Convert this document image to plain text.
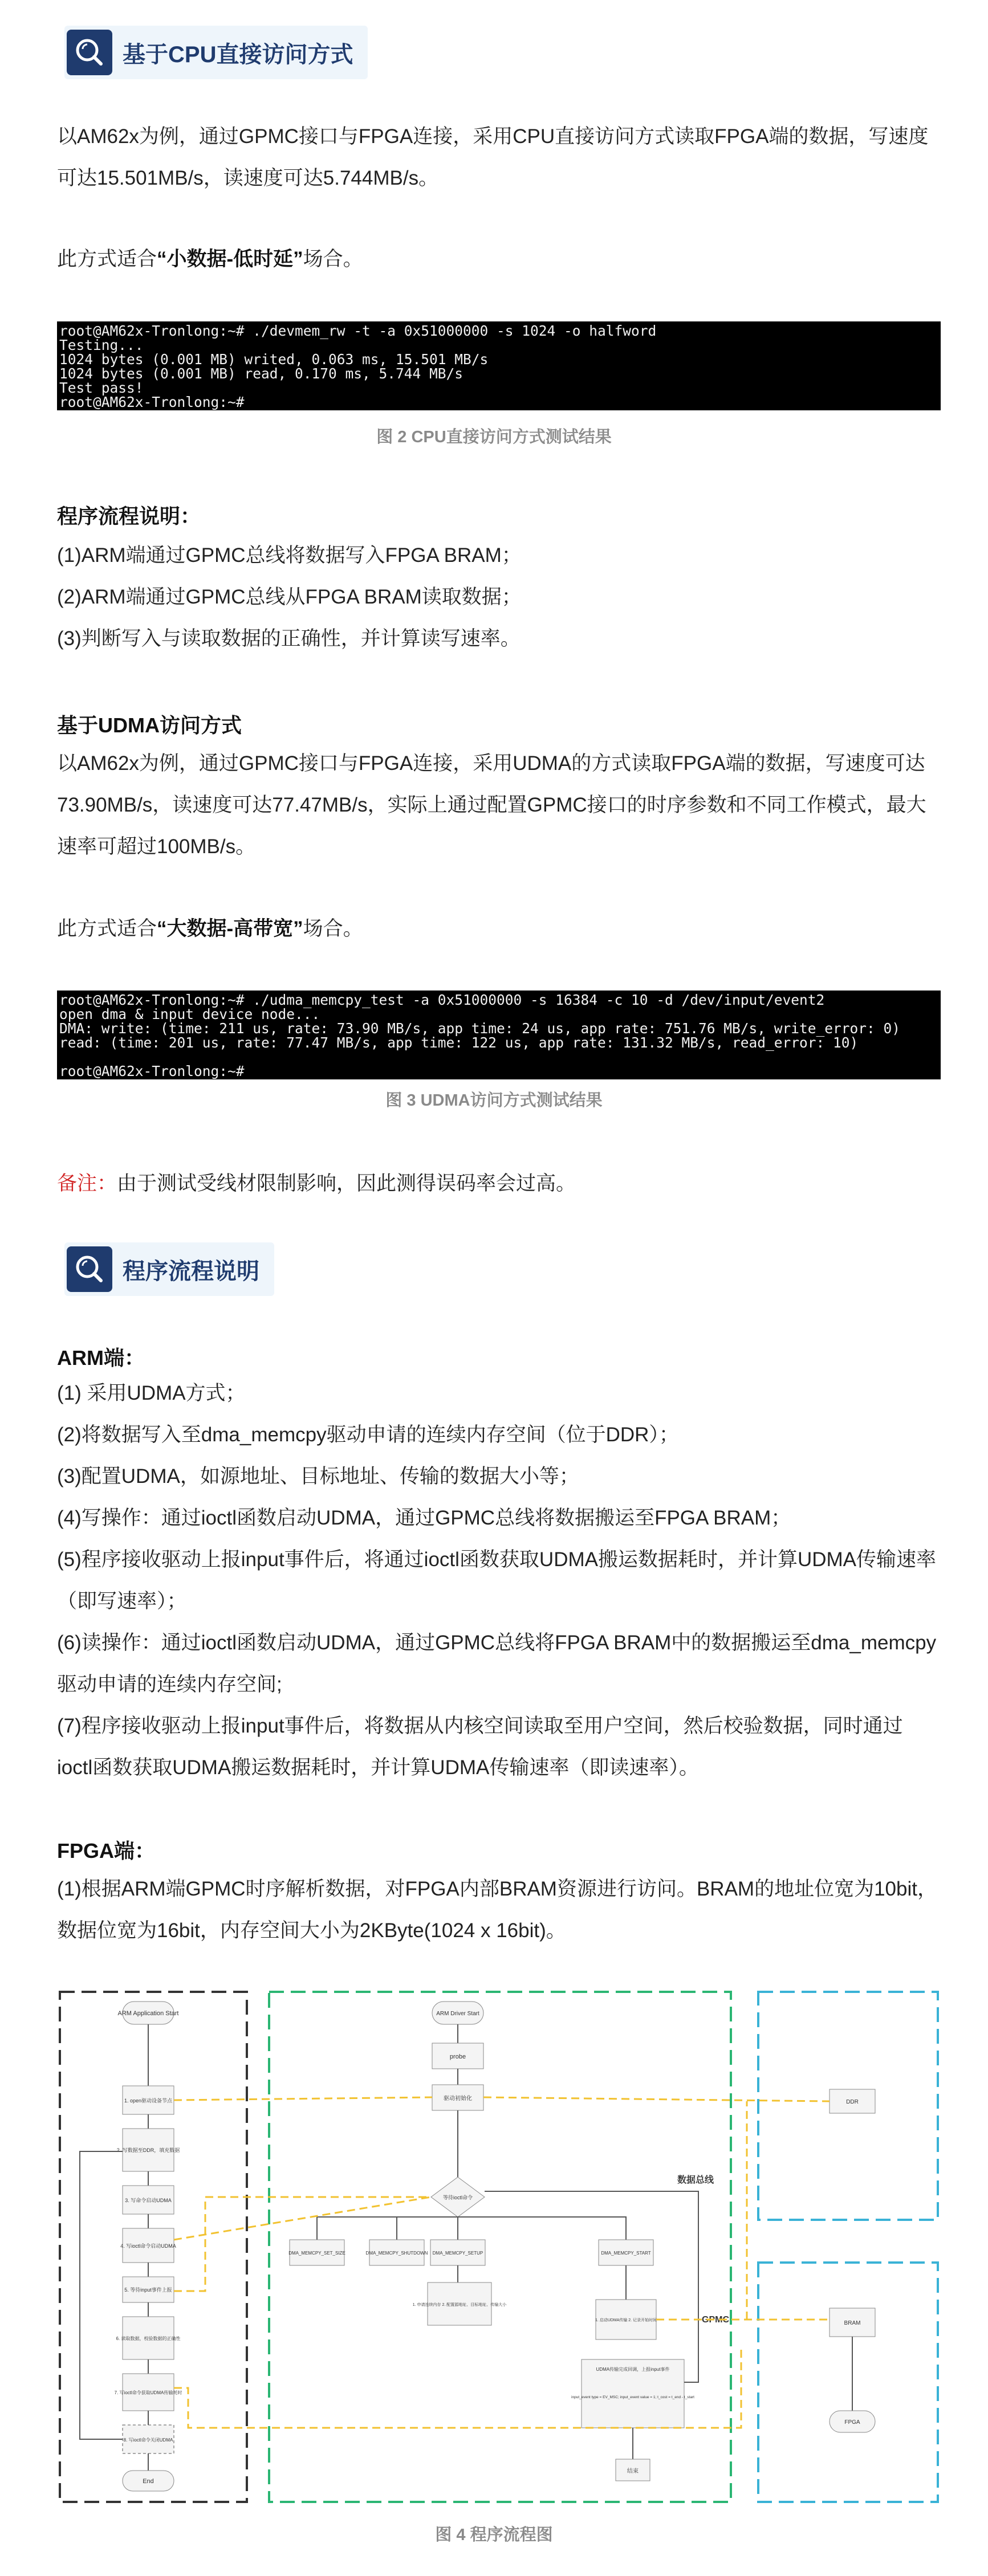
基于CPU直接访问方式
以AM62x为例，通过GPMC接口与FPGA连接，采用CPU直接访问方式读取FPGA端的数据，写速度可达15.501MB/s，读速度可达5.744MB/s。
此方式适合“小数据-低时延”场合。
root@AM62x-Tronlong:~# ./devmem_rw -t -a 0x51000000 -s 1024 -o halfword
Testing...
1024 bytes (0.001 MB) writed, 0.063 ms, 15.501 MB/s
1024 bytes (0.001 MB) read, 0.170 ms, 5.744 MB/s
Test pass!
root@AM62x-Tronlong:~#
图 2 CPU直接访问方式测试结果
程序流程说明：
(1)ARM端通过GPMC总线将数据写入FPGA BRAM；
(2)ARM端通过GPMC总线从FPGA BRAM读取数据；
(3)判断写入与读取数据的正确性，并计算读写速率。
基于UDMA访问方式
以AM62x为例，通过GPMC接口与FPGA连接，采用UDMA的方式读取FPGA端的数据，写速度可达73.90MB/s，读速度可达77.47MB/s，实际上通过配置GPMC接口的时序参数和不同工作模式，最大速率可超过100MB/s。
此方式适合“大数据-高带宽”场合。
root@AM62x-Tronlong:~# ./udma_memcpy_test -a 0x51000000 -s 16384 -c 10 -d /dev/input/event2
open dma & input device node...
DMA: write: (time: 211 us, rate: 73.90 MB/s, app time: 24 us, app rate: 751.76 MB/s, write_error: 0)
read: (time: 201 us, rate: 77.47 MB/s, app time: 122 us, app rate: 131.32 MB/s, read_error: 10)

root@AM62x-Tronlong:~#
图 3 UDMA访问方式测试结果
备注：由于测试受线材限制影响，因此测得误码率会过高。
程序流程说明
ARM端：
(1) 采用UDMA方式；
(2)将数据写入至dma_memcpy驱动申请的连续内存空间（位于DDR）；
(3)配置UDMA，如源地址、目标地址、传输的数据大小等；
(4)写操作：通过ioctl函数启动UDMA，通过GPMC总线将数据搬运至FPGA BRAM；
(5)程序接收驱动上报input事件后，将通过ioctl函数获取UDMA搬运数据耗时，并计算UDMA传输速率（即写速率）；
(6)读操作：通过ioctl函数启动UDMA，通过GPMC总线将FPGA BRAM中的数据搬运至dma_memcpy驱动申请的连续内存空间;
(7)程序接收驱动上报input事件后，将数据从内核空间读取至用户空间，然后校验数据，同时通过ioctl函数获取UDMA搬运数据耗时，并计算UDMA传输速率（即读速率）。
FPGA端：
(1)根据ARM端GPMC时序解析数据，对FPGA内部BRAM资源进行访问。BRAM的地址位宽为10bit，数据位宽为16bit，内存空间大小为2KByte(1024 x 16bit)。
ARM Application Start
1. open驱动设备节点
2. 写数据至DDR，填充数据
3. 写命令启动UDMA
4. 写ioctl命令启动UDMA
5. 等待input事件上报
6. 读取数据，校验数据的正确性
7. 写ioctl命令获取UDMA传输耗时
8. 写ioctl命令关闭UDMA
End
ARM Driver Start
probe
驱动初始化
等待ioctl命令
DMA_MEMCPY_SET_SIZE	DMA_MEMCPY_SHUTDOWN DMA_MEMCPY_SETUP	DMA_MEMCPY_START
1. 申请连续内存 2. 配置源地址、目标地址、传输大小
1. 启动UDMA传输 2. 记录开始时间
UDMA传输完成回调，上报input事件
input_event type = EV_MSC; input_event value = 1; t_cost = t_end - t_start
结束
DDR
BRAM
FPGA
数据总线
GPMC
图 4 程序流程图
